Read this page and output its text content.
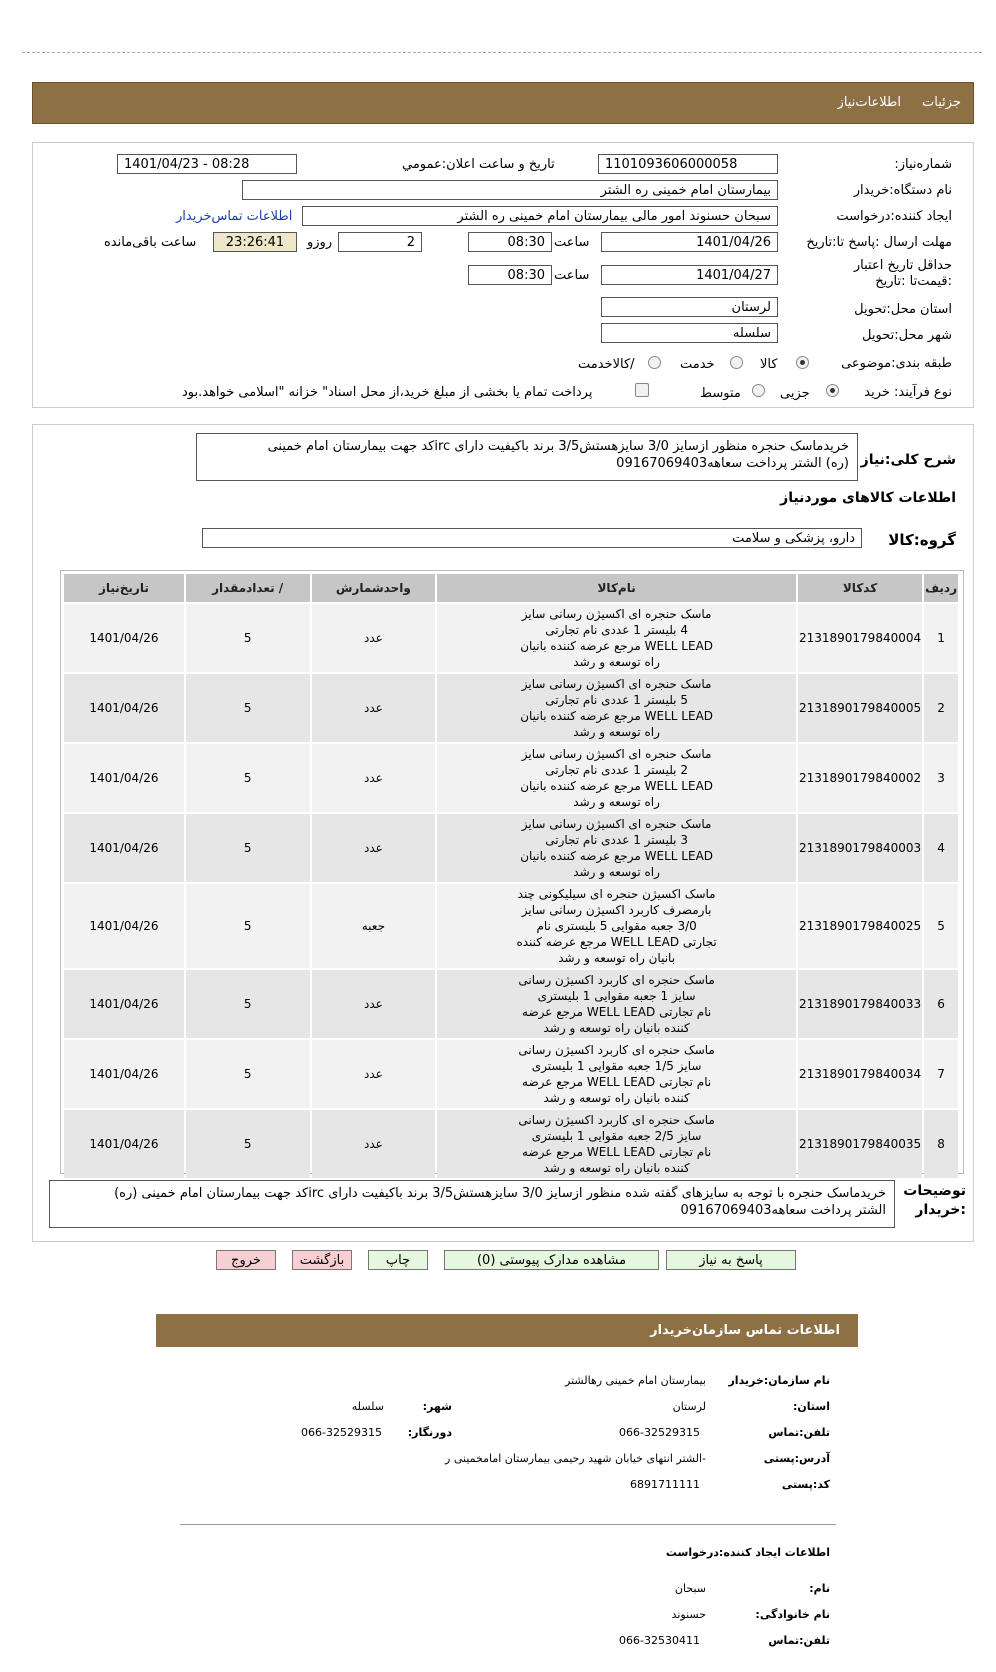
جزئیات
اطلاعات‌نیاز
شماره‌نیاز:
1101093606000058
تاریخ و ساعت اعلان:عمومي
1401/04/23 - 08:28
نام دستگاه:خریدار
بیمارستان امام خمینی ره الشتر
ایجاد کننده:درخواست
سبحان حسنوند امور مالی بیمارستان امام خمینی ره الشتر
اطلاعات تماس‌خریدار
مهلت ارسال :پاسخ تا:تاریخ
1401/04/26
ساعت
08:30
2
روزو
23:26:41
ساعت باقی‌مانده
حداقل تاریخ اعتبار :قیمت‌تا :تاریخ
1401/04/27
ساعت
08:30
استان محل:تحویل
لرستان
شهر محل:تحویل
سلسله
طبقه بندی:موضوعی
کالا
خدمت
/کالاخدمت
نوع فرآیند: خرید
جزیی
متوسط
پرداخت تمام یا بخشی از مبلغ خرید،از محل اسناد" خزانه "اسلامی خواهد.بود
شرح کلی:نیاز
خریدماسک حنجره منظور ازسایز 3/0 سایزهستش3/5 برند باکیفیت دارای ircکد جهت بیمارستان امام خمینی
(ره) الشتر پرداخت سعاهه09167069403
اطلاعات کالاهای موردنیاز
گروه:کالا
دارو، پزشکی و سلامت
ردیف	کدکالا	نام‌کالا	واحدشمارش	/ تعدادمقدار	تاریخ‌نیاز
1	2131890179840004	ماسک حنجره ای اکسیژن رسانی سایز
4 بلیستر 1 عددی نام تجارتی
WELL LEAD مرجع عرضه کننده بانیان
راه توسعه و رشد	عدد	5	1401/04/26
2	2131890179840005	ماسک حنجره ای اکسیژن رسانی سایز
5 بلیستر 1 عددی نام تجارتی
WELL LEAD مرجع عرضه کننده بانیان
راه توسعه و رشد	عدد	5	1401/04/26
3	2131890179840002	ماسک حنجره ای اکسیژن رسانی سایز
2 بلیستر 1 عددی نام تجارتی
WELL LEAD مرجع عرضه کننده بانیان
راه توسعه و رشد	عدد	5	1401/04/26
4	2131890179840003	ماسک حنجره ای اکسیژن رسانی سایز
3 بلیستر 1 عددی نام تجارتی
WELL LEAD مرجع عرضه کننده بانیان
راه توسعه و رشد	عدد	5	1401/04/26
5	2131890179840025	ماسک اکسیژن حنجره ای سیلیکونی چند
بارمصرف کاربرد اکسیژن رسانی سایز
3/0 جعبه مقوایی 5 بلیستری نام
تجارتی WELL LEAD مرجع عرضه کننده
بانیان راه توسعه و رشد	جعبه	5	1401/04/26
6	2131890179840033	ماسک حنجره ای کاربرد اکسیژن رسانی
سایز 1 جعبه مقوایی 1 بلیستری
نام تجارتی WELL LEAD مرجع عرضه
کننده بانیان راه توسعه و رشد	عدد	5	1401/04/26
7	2131890179840034	ماسک حنجره ای کاربرد اکسیژن رسانی
سایز 1/5 جعبه مقوایی 1 بلیستری
نام تجارتی WELL LEAD مرجع عرضه
کننده بانیان راه توسعه و رشد	عدد	5	1401/04/26
8	2131890179840035	ماسک حنجره ای کاربرد اکسیژن رسانی
سایز 2/5 جعبه مقوایی 1 بلیستری
نام تجارتی WELL LEAD مرجع عرضه
کننده بانیان راه توسعه و رشد	عدد	5	1401/04/26
توضیحات :خریدار
خریدماسک حنجره با توجه به سایزهای گفته شده منظور ازسایز 3/0 سایزهستش3/5 برند باکیفیت دارای ircکد جهت بیمارستان امام خمینی (ره)
الشتر پرداخت سعاهه09167069403
پاسخ به نیاز
مشاهده مدارک پیوستی (0)
چاپ
بازگشت
خروج
اطلاعات تماس سازمان‌خریدار
نام سازمان:خریدار
بیمارستان امام خمینی رهالشتر
استان:
لرستان
شهر:
سلسله
تلفن:تماس
066-32529315
دورنگار:
066-32529315
آدرس:پستی
-الشتر انتهای خیابان شهید رحیمی بیمارستان امامخمینی ر
کد:پستی
6891711111
اطلاعات ایجاد کننده:درخواست
نام:
سبحان
نام خانوادگی:
حسنوند
تلفن:تماس
066-32530411
